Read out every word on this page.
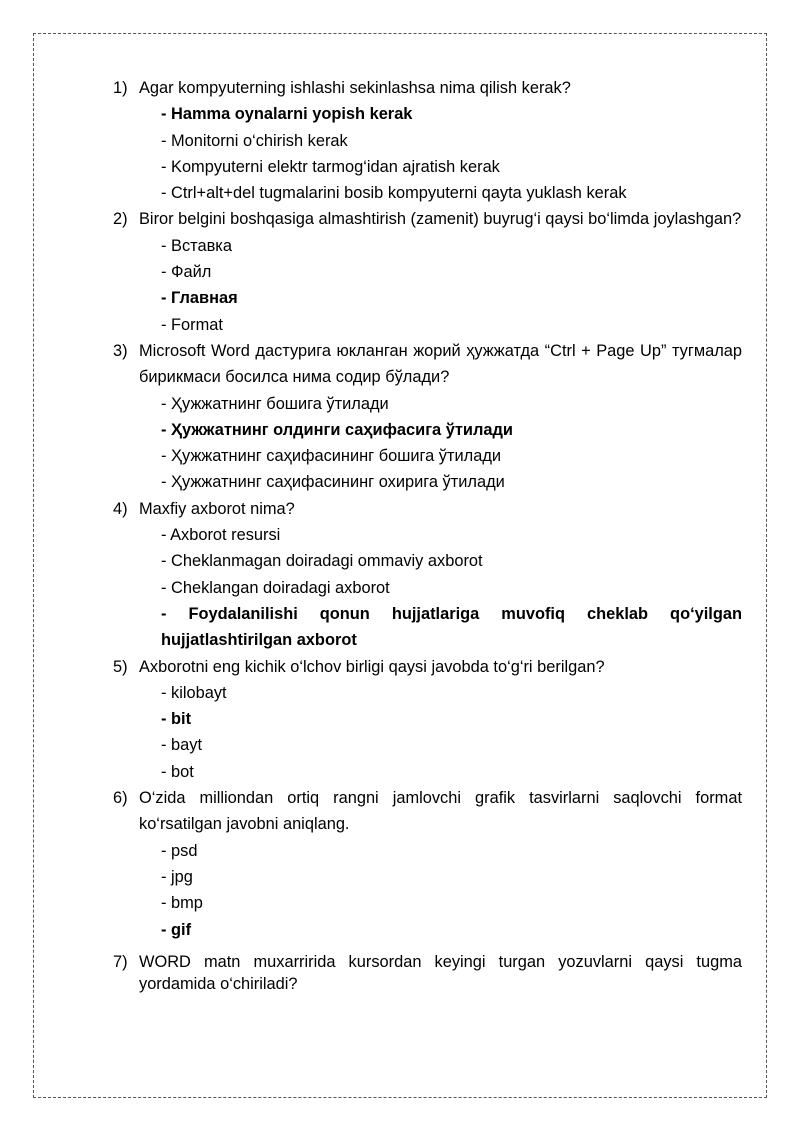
1) Agar kompyuterning ishlashi sekinlashsa nima qilish kerak?
- Hamma oynalarni yopish kerak
- Monitorni o‘chirish kerak
- Kompyuterni elektr tarmog‘idan ajratish kerak
- Ctrl+alt+del tugmalarini bosib kompyuterni qayta yuklash kerak
2) Biror belgini boshqasiga almashtirish (zamenit) buyrug‘i qaysi bo‘limda joylashgan?
- Вставка
- Файл
- Главная
- Format
3) Microsoft Word дастурига юкланган жорий ҳужжатда “Ctrl + Page Up” тугмалар бирикмаси босилса нима содир бўлади?
- Ҳужжатнинг бошига ўтилади
- Ҳужжатнинг олдинги саҳифасига ўтилади
- Ҳужжатнинг саҳифасининг бошига ўтилади
- Ҳужжатнинг саҳифасининг охирига ўтилади
4) Maxfiy axborot nima?
- Axborot resursi
- Cheklanmagan doiradagi ommaviy axborot
- Cheklangan doiradagi axborot
- Foydalanilishi qonun hujjatlariga muvofiq cheklab qo‘yilgan hujjatlashtirilgan axborot
5) Axborotni eng kichik o‘lchov birligi qaysi javobda to‘g‘ri berilgan?
- kilobayt
- bit
- bayt
- bot
6) O‘zida milliondan ortiq rangni jamlovchi grafik tasvirlarni saqlovchi format ko‘rsatilgan javobni aniqlang.
- psd
- jpg
- bmp
- gif
7) WORD matn muxarririda kursordan keyingi turgan yozuvlarni qaysi tugma yordamida o‘chiriladi?
